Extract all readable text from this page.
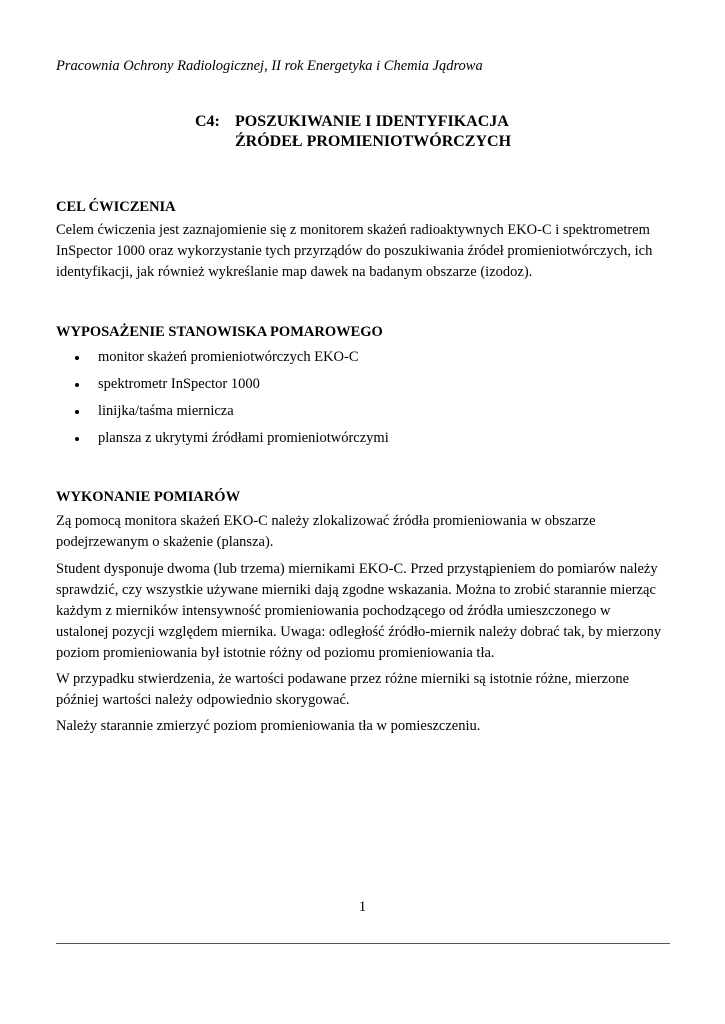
Pracownia Ochrony Radiologicznej, II rok Energetyka i Chemia Jądrowa
C4: POSZUKIWANIE I IDENTYFIKACJA
ŹRÓDEŁ PROMIENIOTWÓRCZYCH
CEL ĆWICZENIA
Celem ćwiczenia jest zaznajomienie się z monitorem skażeń radioaktywnych EKO-C i spektrometrem
InSpector 1000 oraz wykorzystanie tych przyrządów do poszukiwania źródeł promieniotwórczych, ich
identyfikacji, jak również wykreślanie map dawek na badanym obszarze (izodoz).
WYPOSAŻENIE STANOWISKA POMAROWEGO
monitor skażeń promieniotwórczych EKO-C
spektrometr InSpector 1000
linijka/taśma miernicza
plansza z ukrytymi źródłami promieniotwórczymi
WYKONANIE POMIARÓW
Zą pomocą monitora skażeń EKO-C należy zlokalizować źródła promieniowania w obszarze
podejrzewanym o skażenie (plansza).
Student dysponuje dwoma (lub trzema) miernikami EKO-C. Przed przystąpieniem do pomiarów należy
sprawdzić, czy wszystkie używane mierniki dają zgodne wskazania. Można to zrobić starannie mierząc
każdym z mierników intensywność promieniowania pochodzącego od źródła umieszczonego w
ustalonej pozycji względem miernika. Uwaga: odległość źródło-miernik należy dobrać tak, by mierzony
poziom promieniowania był istotnie różny od poziomu promieniowania tła.
W przypadku stwierdzenia, że wartości podawane przez różne mierniki są istotnie różne, mierzone
później wartości należy odpowiednio skorygować.
Należy starannie zmierzyć poziom promieniowania tła w pomieszczeniu.
1
